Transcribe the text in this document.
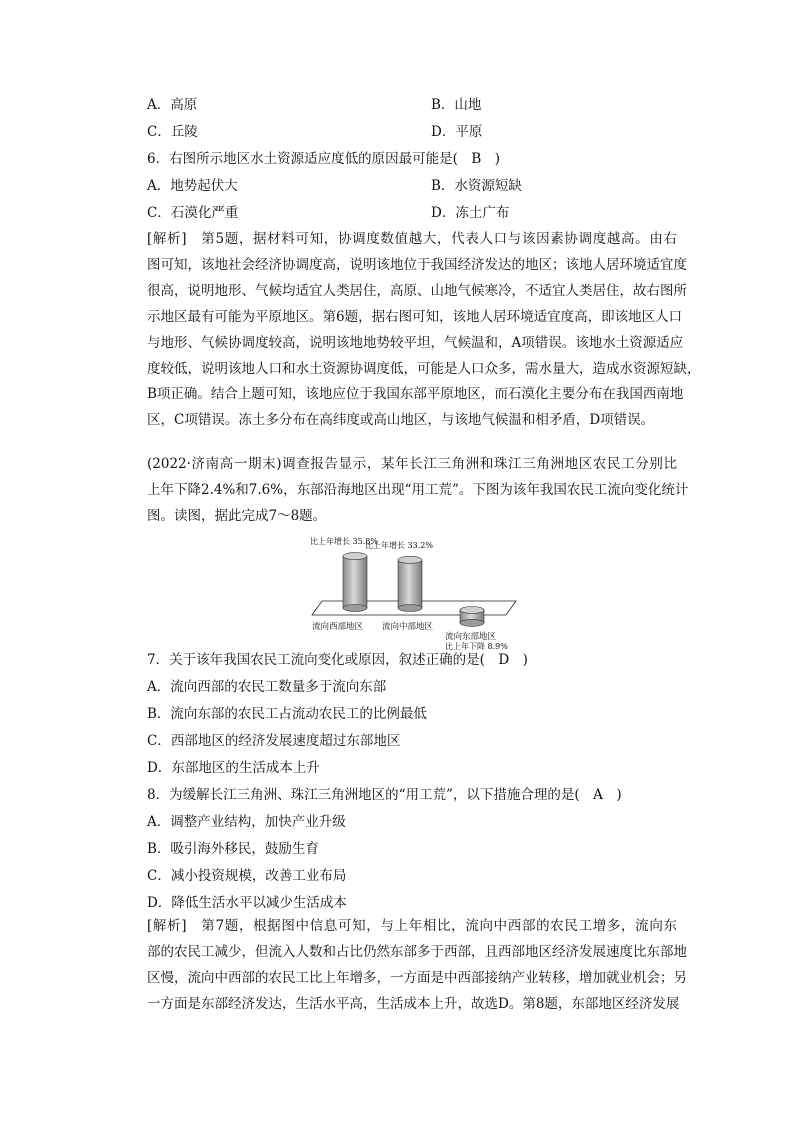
A．高原	B．山地
C．丘陵	D．平原
6．右图所示地区水土资源适应度低的原因最可能是(　B　)
A．地势起伏大	B．水资源短缺
C．石漠化严重	D．冻土广布
[解析]　第5题，据材料可知，协调度数值越大，代表人口与该因素协调度越高。由右
图可知，该地社会经济协调度高，说明该地位于我国经济发达的地区；该地人居环境适宜度
很高，说明地形、气候均适宜人类居住，高原、山地气候寒冷，不适宜人类居住，故右图所
示地区最有可能为平原地区。第6题，据右图可知，该地人居环境适宜度高，即该地区人口
与地形、气候协调度较高，说明该地地势较平坦，气候温和，A项错误。该地水土资源适应
度较低，说明该地人口和水土资源协调度低，可能是人口众多，需水量大，造成水资源短缺，
B项正确。结合上题可知，该地应位于我国东部平原地区，而石漠化主要分布在我国西南地
区，C项错误。冻土多分布在高纬度或高山地区，与该地气候温和相矛盾，D项错误。
(2022·济南高一期末)调查报告显示，某年长江三角洲和珠江三角洲地区农民工分别比
上年下降2.4%和7.6%，东部沿海地区出现“用工荒”。下图为该年我国农民工流向变化统计
图。读图，据此完成7～8题。
比上年增长 35.8%
流向西部地区
比上年增长 33.2%
流向中部地区
比上年下降 8.9%
流向东部地区
7．关于该年我国农民工流向变化或原因，叙述正确的是(　D　)
A．流向西部的农民工数量多于流向东部
B．流向东部的农民工占流动农民工的比例最低
C．西部地区的经济发展速度超过东部地区
D．东部地区的生活成本上升
8．为缓解长江三角洲、珠江三角洲地区的“用工荒”，以下措施合理的是(　A　)
A．调整产业结构，加快产业升级
B．吸引海外移民，鼓励生育
C．减小投资规模，改善工业布局
D．降低生活水平以减少生活成本
[解析]　第7题，根据图中信息可知，与上年相比，流向中西部的农民工增多，流向东
部的农民工减少，但流入人数和占比仍然东部多于西部，且西部地区经济发展速度比东部地
区慢，流向中西部的农民工比上年增多，一方面是中西部接纳产业转移，增加就业机会；另
一方面是东部经济发达，生活水平高，生活成本上升，故选D。第8题，东部地区经济发展
